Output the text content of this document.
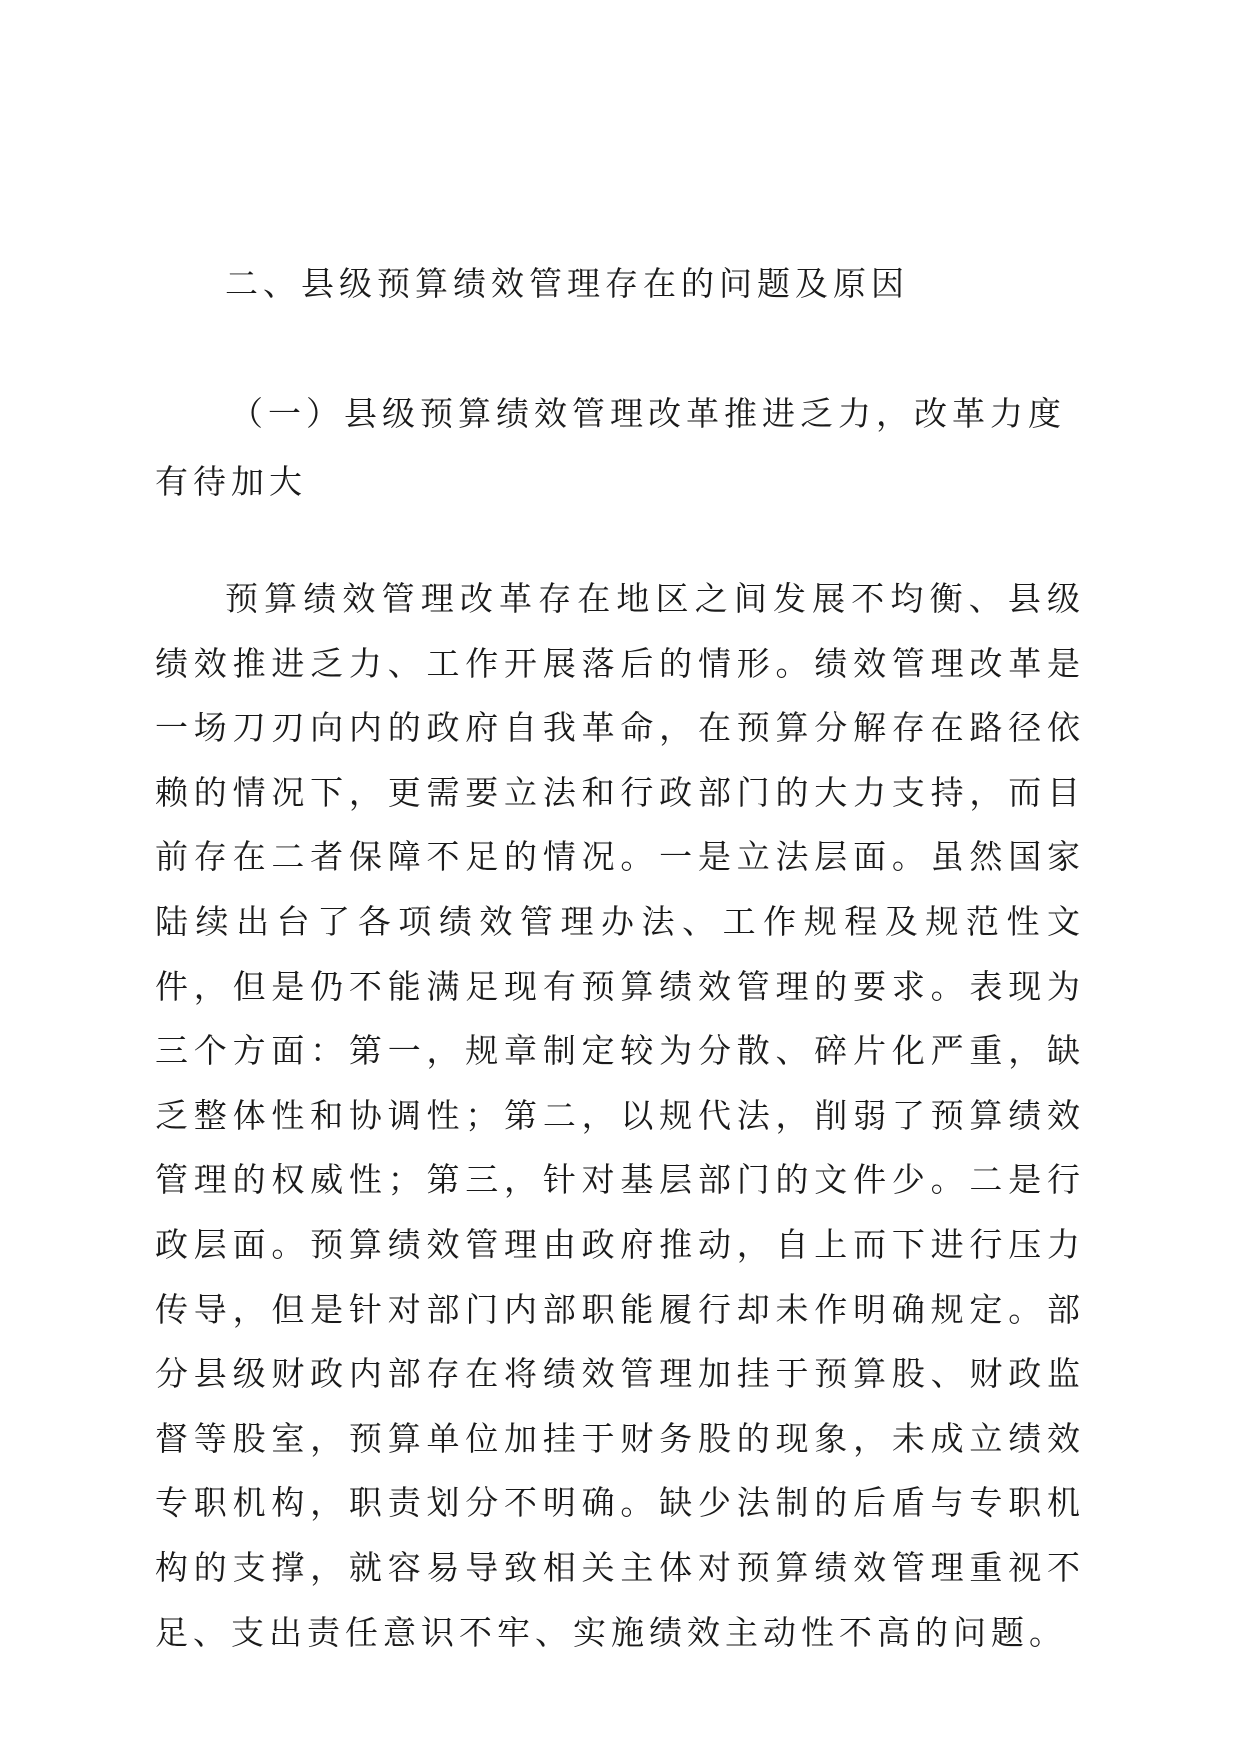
二、县级预算绩效管理存在的问题及原因

（一）县级预算绩效管理改革推进乏力，改革力度有待加大

预算绩效管理改革存在地区之间发展不均衡、县级绩效推进乏力、工作开展落后的情形。绩效管理改革是一场刀刃向内的政府自我革命，在预算分解存在路径依赖的情况下，更需要立法和行政部门的大力支持，而目前存在二者保障不足的情况。一是立法层面。虽然国家陆续出台了各项绩效管理办法、工作规程及规范性文件，但是仍不能满足现有预算绩效管理的要求。表现为三个方面：第一，规章制定较为分散、碎片化严重，缺乏整体性和协调性；第二，以规代法，削弱了预算绩效管理的权威性；第三，针对基层部门的文件少。二是行政层面。预算绩效管理由政府推动，自上而下进行压力传导，但是针对部门内部职能履行却未作明确规定。部分县级财政内部存在将绩效管理加挂于预算股、财政监督等股室，预算单位加挂于财务股的现象，未成立绩效专职机构，职责划分不明确。缺少法制的后盾与专职机构的支撑，就容易导致相关主体对预算绩效管理重视不足、支出责任意识不牢、实施绩效主动性不高的问题。
